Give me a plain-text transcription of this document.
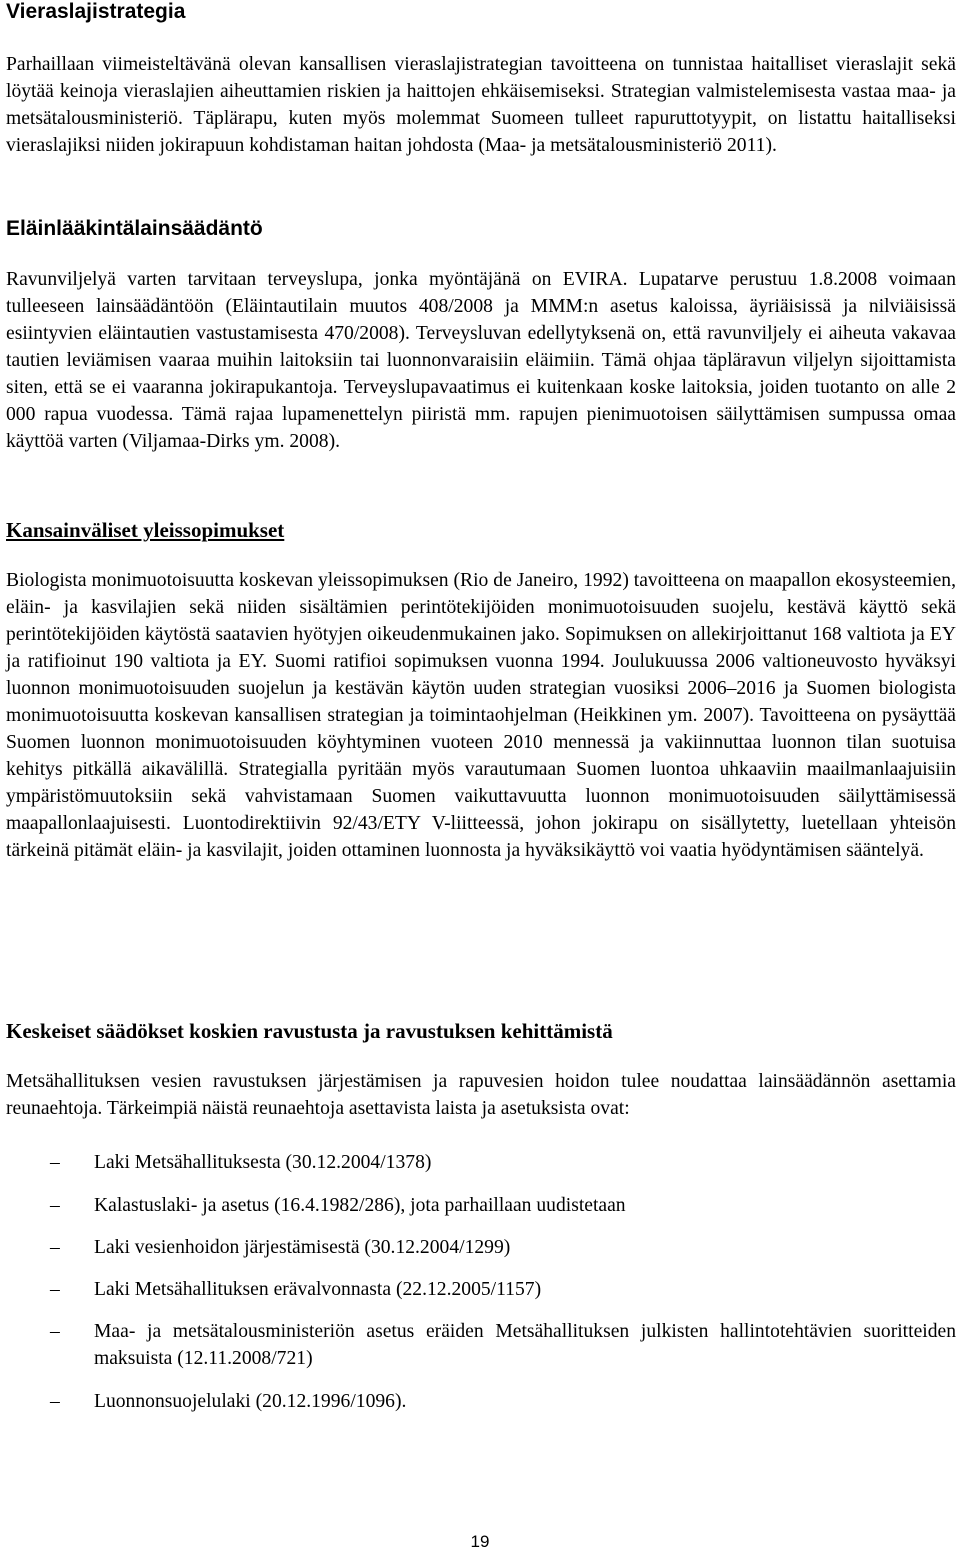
Vieraslajistrategia

Parhaillaan viimeisteltävänä olevan kansallisen vieraslajistrategian tavoitteena on tunnistaa haitalliset vieraslajit sekä löytää keinoja vieraslajien aiheuttamien riskien ja haittojen ehkäisemiseksi. Strategian valmistelemisesta vastaa maa- ja metsätalousministeriö. Täplärapu, kuten myös molemmat Suomeen tulleet rapuruttotyypit, on listattu haitalliseksi vieraslajiksi niiden jokirapuun kohdistaman haitan johdosta (Maa- ja metsätalousministeriö 2011).

Eläinlääkintälainsäädäntö

Ravunviljelyä varten tarvitaan terveyslupa, jonka myöntäjänä on EVIRA. Lupatarve perustuu 1.8.2008 voimaan tulleeseen lainsäädäntöön (Eläintautilain muutos 408/2008 ja MMM:n asetus kaloissa, äyriäisissä ja nilviäisissä esiintyvien eläintautien vastustamisesta 470/2008). Terveysluvan edellytyksenä on, että ravunviljely ei aiheuta vakavaa tautien leviämisen vaaraa muihin laitoksiin tai luonnonvaraisiin eläimiin. Tämä ohjaa täpläravun viljelyn sijoittamista siten, että se ei vaaranna jokirapukantoja. Terveyslupavaatimus ei kuitenkaan koske laitoksia, joiden tuotanto on alle 2 000 rapua vuodessa. Tämä rajaa lupamenettelyn piiristä mm. rapujen pienimuotoisen säilyttämisen sumpussa omaa käyttöä varten (Viljamaa-Dirks ym. 2008).

Kansainväliset yleissopimukset

Biologista monimuotoisuutta koskevan yleissopimuksen (Rio de Janeiro, 1992) tavoitteena on maapallon ekosysteemien, eläin- ja kasvilajien sekä niiden sisältämien perintötekijöiden monimuotoisuuden suojelu, kestävä käyttö sekä perintötekijöiden käytöstä saatavien hyötyjen oikeudenmukainen jako. Sopimuksen on allekirjoittanut 168 valtiota ja EY ja ratifioinut 190 valtiota ja EY. Suomi ratifioi sopimuksen vuonna 1994. Joulukuussa 2006 valtioneuvosto hyväksyi luonnon monimuotoisuuden suojelun ja kestävän käytön uuden strategian vuosiksi 2006–2016 ja Suomen biologista monimuotoisuutta koskevan kansallisen strategian ja toimintaohjelman (Heikkinen ym. 2007). Tavoitteena on pysäyttää Suomen luonnon monimuotoisuuden köyhtyminen vuoteen 2010 mennessä ja vakiinnuttaa luonnon tilan suotuisa kehitys pitkällä aikavälillä. Strategialla pyritään myös varautumaan Suomen luontoa uhkaaviin maailmanlaajuisiin ympäristömuutoksiin sekä vahvistamaan Suomen vaikuttavuutta luonnon monimuotoisuuden säilyttämisessä maapallonlaajuisesti. Luontodirektiivin 92/43/ETY V-liitteessä, johon jokirapu on sisällytetty, luetellaan yhteisön tärkeinä pitämät eläin- ja kasvilajit, joiden ottaminen luonnosta ja hyväksikäyttö voi vaatia hyödyntämisen sääntelyä.

Keskeiset säädökset koskien ravustusta ja ravustuksen kehittämistä

Metsähallituksen vesien ravustuksen järjestämisen ja rapuvesien hoidon tulee noudattaa lainsäädännön asettamia reunaehtoja. Tärkeimpiä näistä reunaehtoja asettavista laista ja asetuksista ovat:

– Laki Metsähallituksesta (30.12.2004/1378)
– Kalastuslaki- ja asetus (16.4.1982/286), jota parhaillaan uudistetaan
– Laki vesienhoidon järjestämisestä (30.12.2004/1299)
– Laki Metsähallituksen erävalvonnasta (22.12.2005/1157)
– Maa- ja metsätalousministeriön asetus eräiden Metsähallituksen julkisten hallintotehtävien suoritteiden maksuista (12.11.2008/721)
– Luonnonsuojelulaki (20.12.1996/1096).
19
